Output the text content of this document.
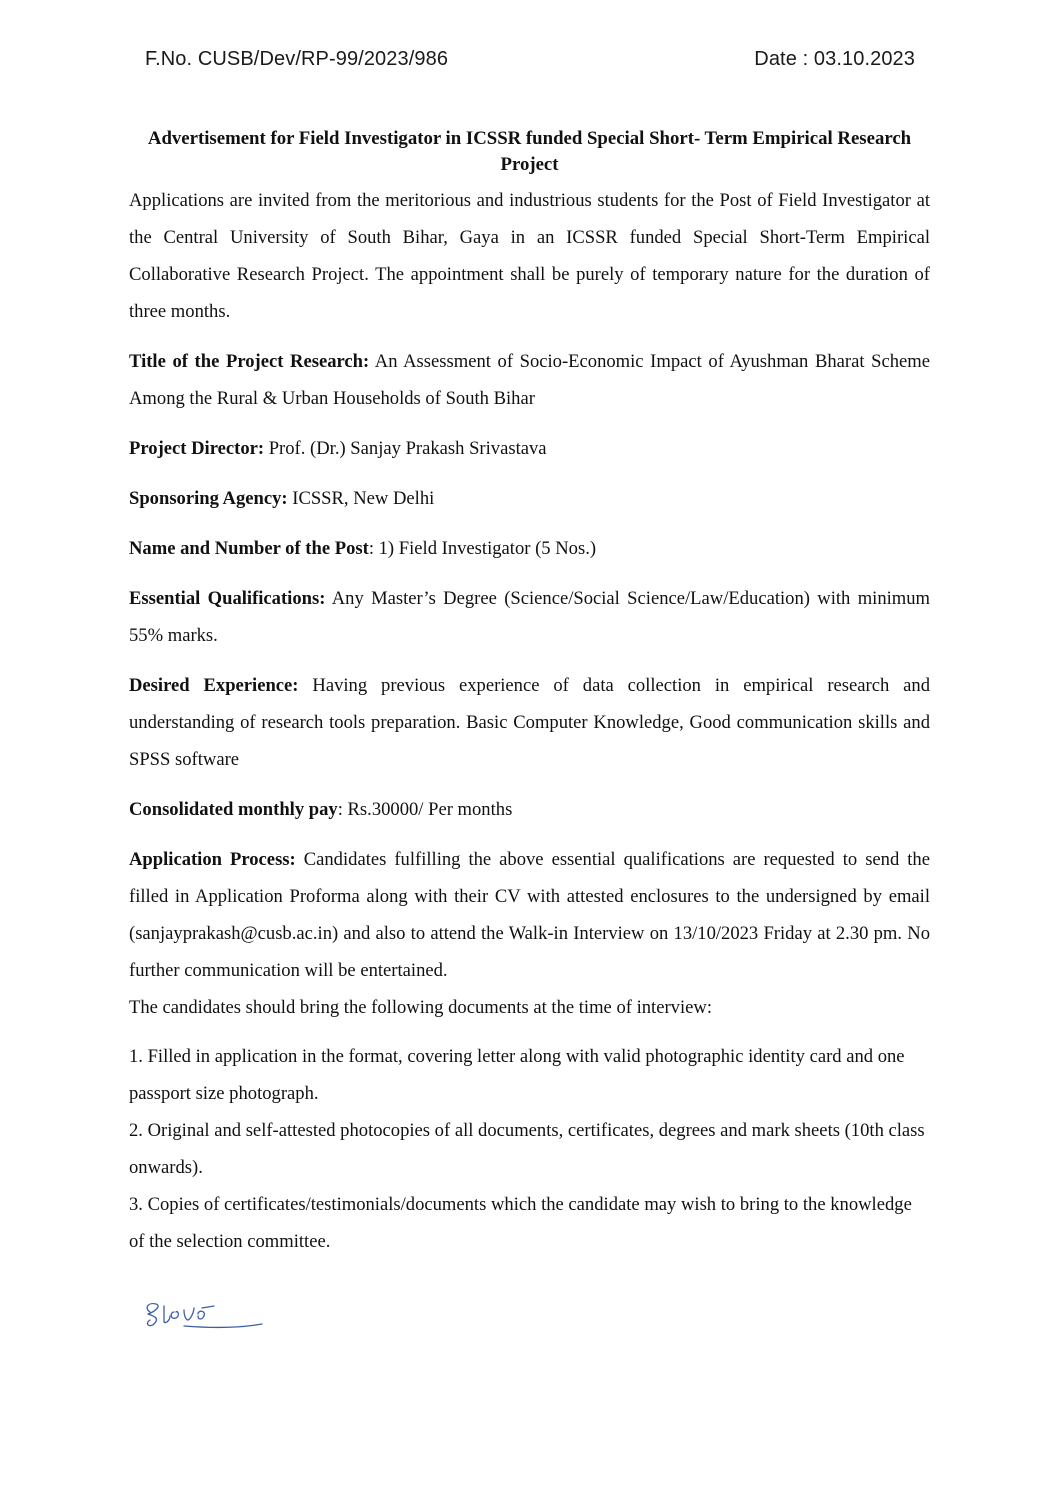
F.No. CUSB/Dev/RP-99/2023/986	Date : 03.10.2023
Advertisement for Field Investigator in ICSSR funded Special Short- Term Empirical Research Project

Applications are invited from the meritorious and industrious students for the Post of Field Investigator at the Central University of South Bihar, Gaya in an ICSSR funded Special Short-Term Empirical Collaborative Research Project. The appointment shall be purely of temporary nature for the duration of three months.

Title of the Project Research: An Assessment of Socio-Economic Impact of Ayushman Bharat Scheme Among the Rural & Urban Households of South Bihar

Project Director: Prof. (Dr.) Sanjay Prakash Srivastava

Sponsoring Agency: ICSSR, New Delhi

Name and Number of the Post: 1) Field Investigator (5 Nos.)

Essential Qualifications: Any Master’s Degree (Science/Social Science/Law/Education) with minimum 55% marks.

Desired Experience: Having previous experience of data collection in empirical research and understanding of research tools preparation. Basic Computer Knowledge, Good communication skills and SPSS software

Consolidated monthly pay: Rs.30000/ Per months

Application Process: Candidates fulfilling the above essential qualifications are requested to send the filled in Application Proforma along with their CV with attested enclosures to the undersigned by email (sanjayprakash@cusb.ac.in) and also to attend the Walk-in Interview on 13/10/2023 Friday at 2.30 pm. No further communication will be entertained.

The candidates should bring the following documents at the time of interview:

1. Filled in application in the format, covering letter along with valid photographic identity card and one passport size photograph.

2. Original and self-attested photocopies of all documents, certificates, degrees and mark sheets (10th class onwards).

3. Copies of certificates/testimonials/documents which the candidate may wish to bring to the knowledge of the selection committee.
